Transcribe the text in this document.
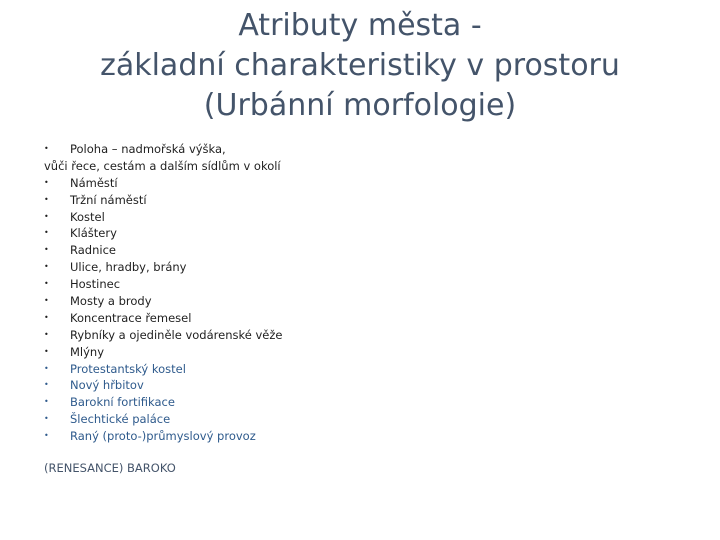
Atributy města -
základní charakteristiky v prostoru
(Urbánní morfologie)
•	Poloha – nadmořská výška,
vůči řece, cestám a dalším sídlům v okolí
•	Náměstí
•	Tržní náměstí
•	Kostel
•	Kláštery
•	Radnice
•	Ulice, hradby, brány
•	Hostinec
•	Mosty a brody
•	Koncentrace řemesel
•	Rybníky a ojediněle vodárenské věže
•	Mlýny
•	Protestantský kostel
•	Nový hřbitov
•	Barokní fortifikace
•	Šlechtické paláce
•	Raný (proto-)průmyslový provoz
(RENESANCE) BAROKO
